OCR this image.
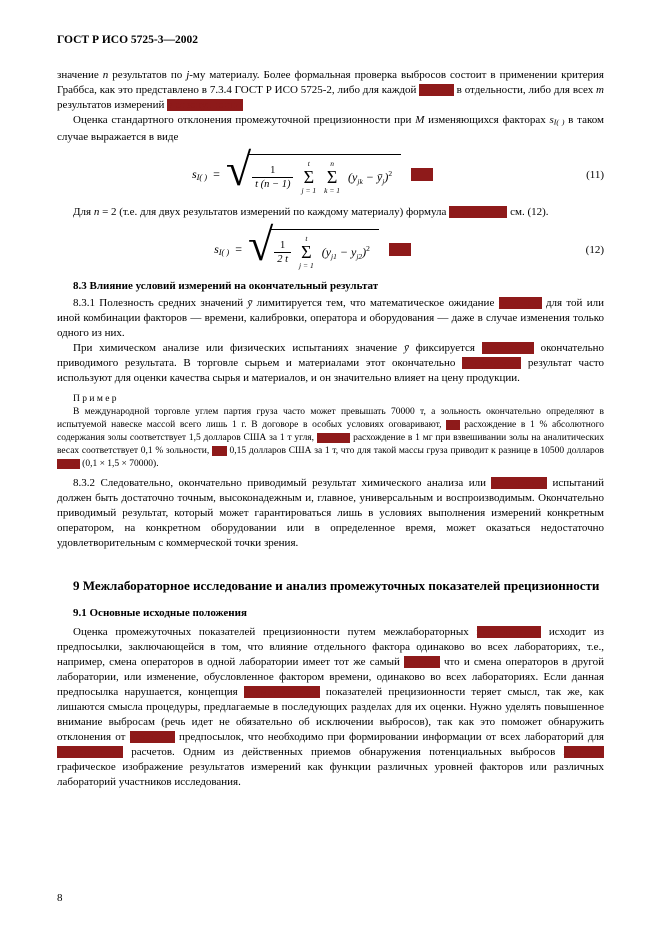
ГОСТ Р ИСО 5725-3—2002

значение n результатов по j-му материалу. Более формальная проверка выбросов состоит в применении критерия Граббса, как это представлено в 7.3.4 ГОСТ Р ИСО 5725-2, либо для каждой группы в отдельности, либо для всех m результатов измерений в совокупности.

Оценка стандартного отклонения промежуточной прецизионности при M изменяющихся факторах $s_{I( )}$ в таком случае выражается в виде

$s_{I( )}$ = √ $\frac{1}{t (n - 1)}$
t
Σ
j = 1
n
Σ
k = 1
($y_{jk}$ − $ȳ_j)^2$	(11)

Для n = 2 (т.е. для двух результатов измерений по каждому материалу) формула упрощается, см. (12).

$s_{I( )}$ = √ $\frac{1}{2 t}$
t
Σ
j = 1
$(y_{j1} - y_{j2})^2$	(12)
8.3 Влияние условий измерений на окончательный результат

8.3.1 Полезность средних значений ȳ лимитируется тем, что математическое ожидание различно для той или иной комбинации факторов — времени, калибровки, оператора и оборудования — даже в случае изменения только одного из них.

При химическом анализе или физических испытаниях значение ȳ фиксируется в качестве окончательно приводимого результата. В торговле сырьем и материалами этот окончательно приводимый результат часто используют для оценки качества сырья и материалов, и он значительно влияет на цену продукции.

П р и м е р

В международной торговле углем партия груза часто может превышать 70000 т, а зольность окончательно определяют в испытуемой навеске массой всего лишь 1 г. В договоре в особых условиях оговаривают, что расхождение в 1 % абсолютного содержания золы соответствует 1,5 долларов США за 1 т угля, поэтому расхождение в 1 мг при взвешивании золы на аналитических весах соответствует 0,1 % зольности, или 0,15 долларов США за 1 т, что для такой массы груза приводит к разнице в 10500 долларов США (0,1 × 1,5 × 70000).

8.3.2 Следовательно, окончательно приводимый результат химического анализа или физических испытаний должен быть достаточно точным, высоконадежным и, главное, универсальным и воспроизводимым. Окончательно приводимый результат, который может гарантироваться лишь в условиях выполнения измерений конкретным оператором, на конкретном оборудовании или в определенное время, может оказаться недостаточно удовлетворительным с коммерческой точки зрения.

9 Межлабораторное исследование и анализ промежуточных показателей прецизионности
9.1 Основные исходные положения

Оценка промежуточных показателей прецизионности путем межлабораторных исследований исходит из предпосылки, заключающейся в том, что влияние отдельного фактора одинаково во всех лабораториях, т.е., например, смена операторов в одной лаборатории имеет тот же самый эффект, что и смена операторов в другой лаборатории, или изменение, обусловленное фактором времени, одинаково во всех лабораториях. Если данная предпосылка нарушается, концепция промежуточных показателей прецизионности теряет смысл, так же, как лишаются смысла процедуры, предлагаемые в последующих разделах для их оценки. Нужно уделять повышенное внимание выбросам (речь идет не обязательно об исключении выбросов), так как это поможет обнаружить отклонения от исходных предпосылок, что необходимо при формировании информации от всех лабораторий для последующих расчетов. Одним из действенных приемов обнаружения потенциальных выбросов является графическое изображение результатов измерений как функции различных уровней факторов или различных лабораторий участников исследования.

8
